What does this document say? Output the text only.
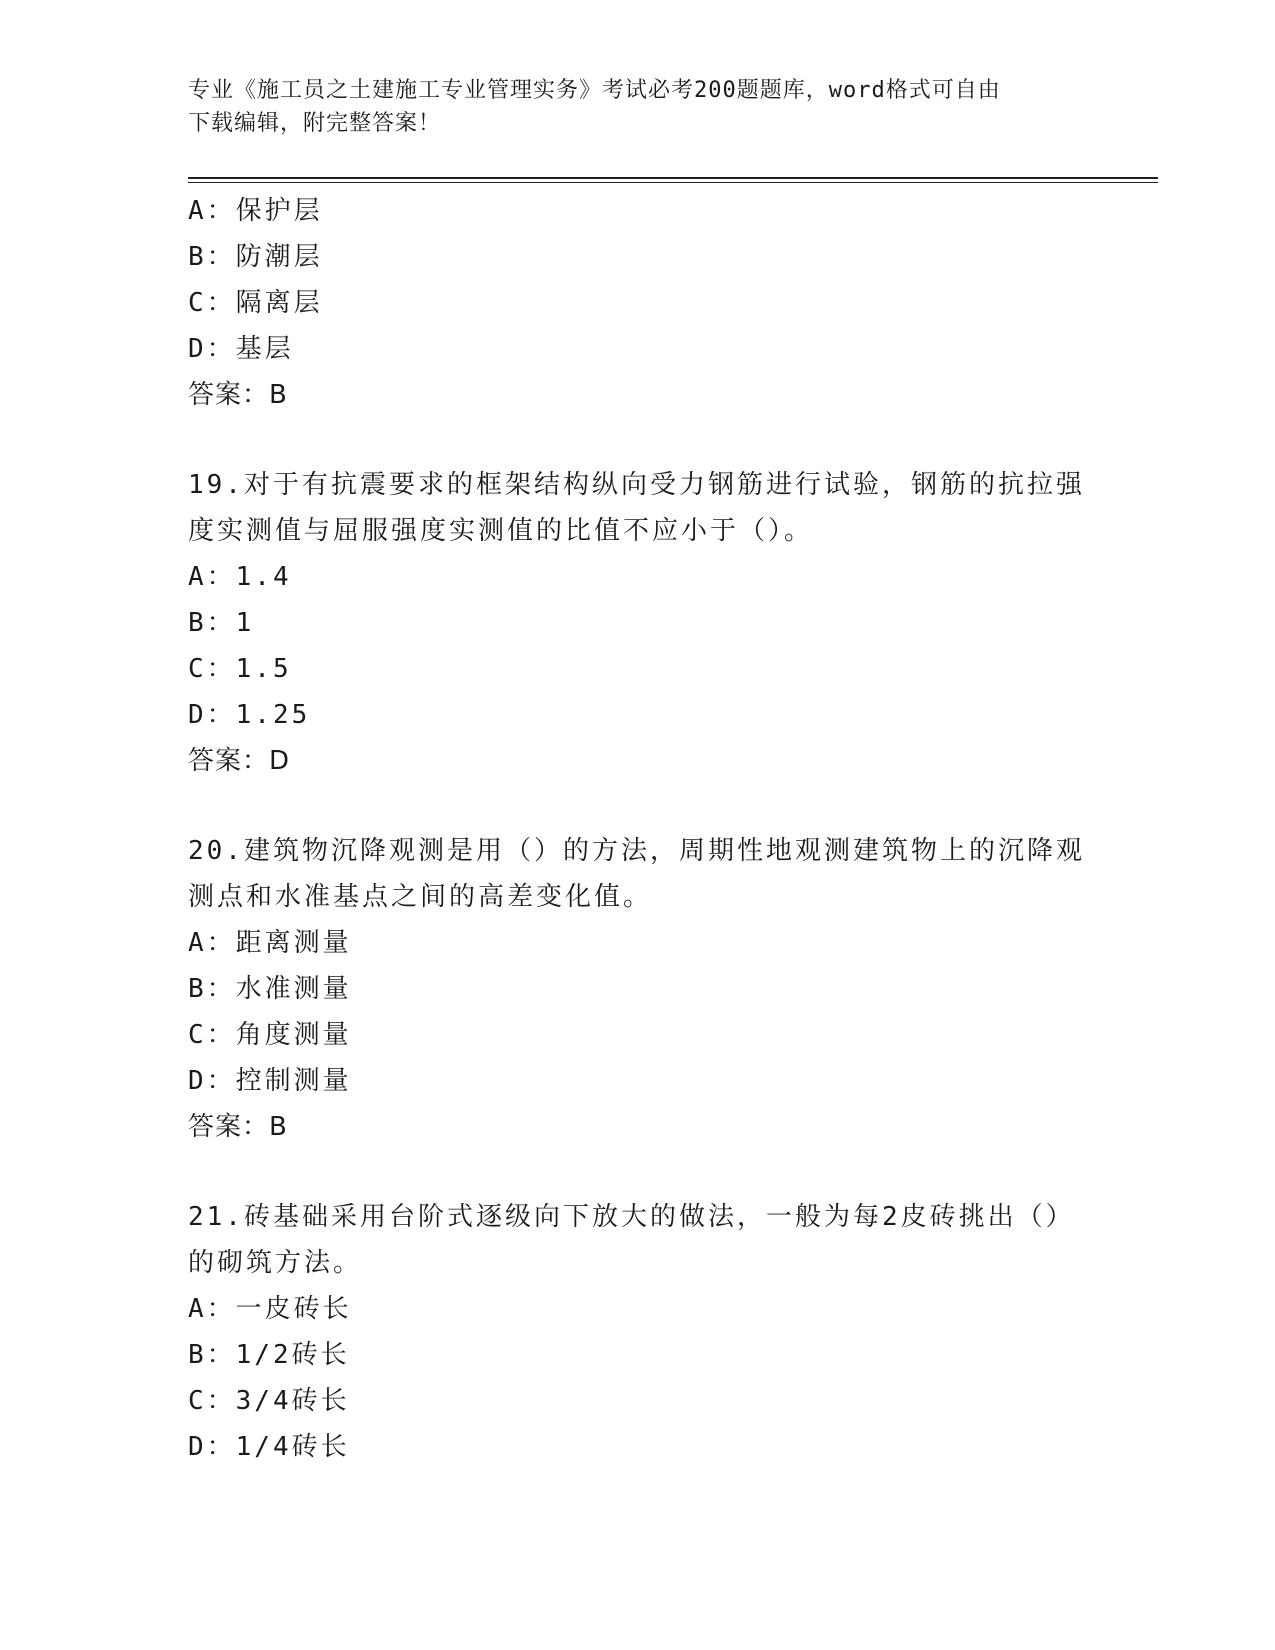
专业《施工员之土建施工专业管理实务》考试必考200题题库，word格式可自由
下载编辑，附完整答案！
A：保护层
B：防潮层
C：隔离层
D：基层
答案：B
19.对于有抗震要求的框架结构纵向受力钢筋进行试验，钢筋的抗拉强
度实测值与屈服强度实测值的比值不应小于（）。
A：1.4
B：1
C：1.5
D：1.25
答案：D
20.建筑物沉降观测是用（）的方法，周期性地观测建筑物上的沉降观
测点和水准基点之间的高差变化值。
A：距离测量
B：水准测量
C：角度测量
D：控制测量
答案：B
21.砖基础采用台阶式逐级向下放大的做法，一般为每2皮砖挑出（）
的砌筑方法。
A：一皮砖长
B：1/2砖长
C：3/4砖长
D：1/4砖长
